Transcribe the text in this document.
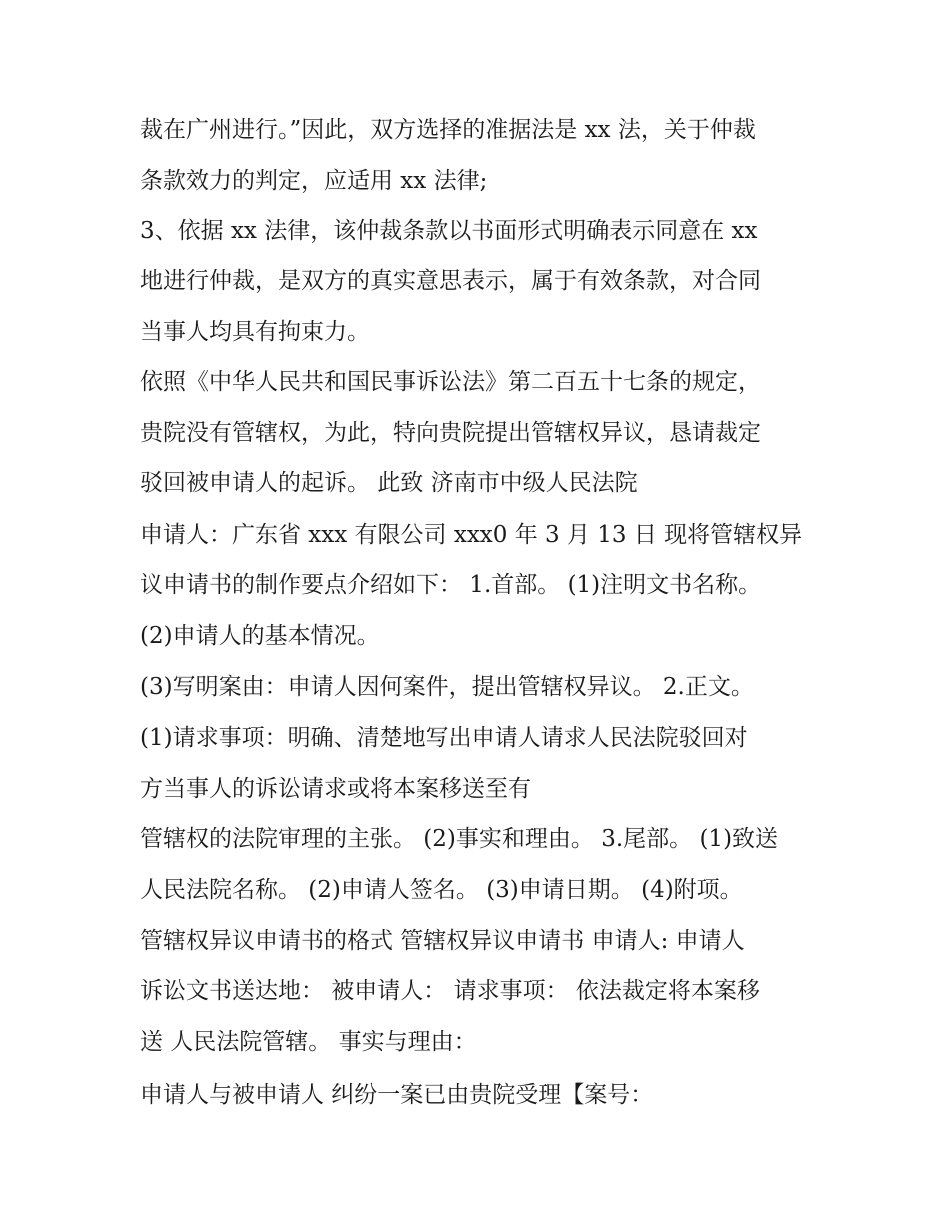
裁在广州进行。”因此，双方选择的准据法是 xx 法，关于仲裁
条款效力的判定，应适用 xx 法律;
3、依据 xx 法律，该仲裁条款以书面形式明确表示同意在 xx
地进行仲裁，是双方的真实意思表示，属于有效条款，对合同
当事人均具有拘束力。
依照《中华人民共和国民事诉讼法》第二百五十七条的规定，
贵院没有管辖权，为此，特向贵院提出管辖权异议，恳请裁定
驳回被申请人的起诉。 此致 济南市中级人民法院
申请人：广东省 xxx 有限公司 xxx0 年 3 月 13 日 现将管辖权异
议申请书的制作要点介绍如下： 1.首部。 (1)注明文书名称。
(2)申请人的基本情况。
(3)写明案由：申请人因何案件，提出管辖权异议。 2.正文。
(1)请求事项：明确、清楚地写出申请人请求人民法院驳回对
方当事人的诉讼请求或将本案移送至有
管辖权的法院审理的主张。 (2)事实和理由。 3.尾部。 (1)致送
人民法院名称。 (2)申请人签名。 (3)申请日期。 (4)附项。
管辖权异议申请书的格式 管辖权异议申请书 申请人: 申请人
诉讼文书送达地： 被申请人： 请求事项： 依法裁定将本案移
送 人民法院管辖。 事实与理由：
申请人与被申请人 纠纷一案已由贵院受理【案号：
